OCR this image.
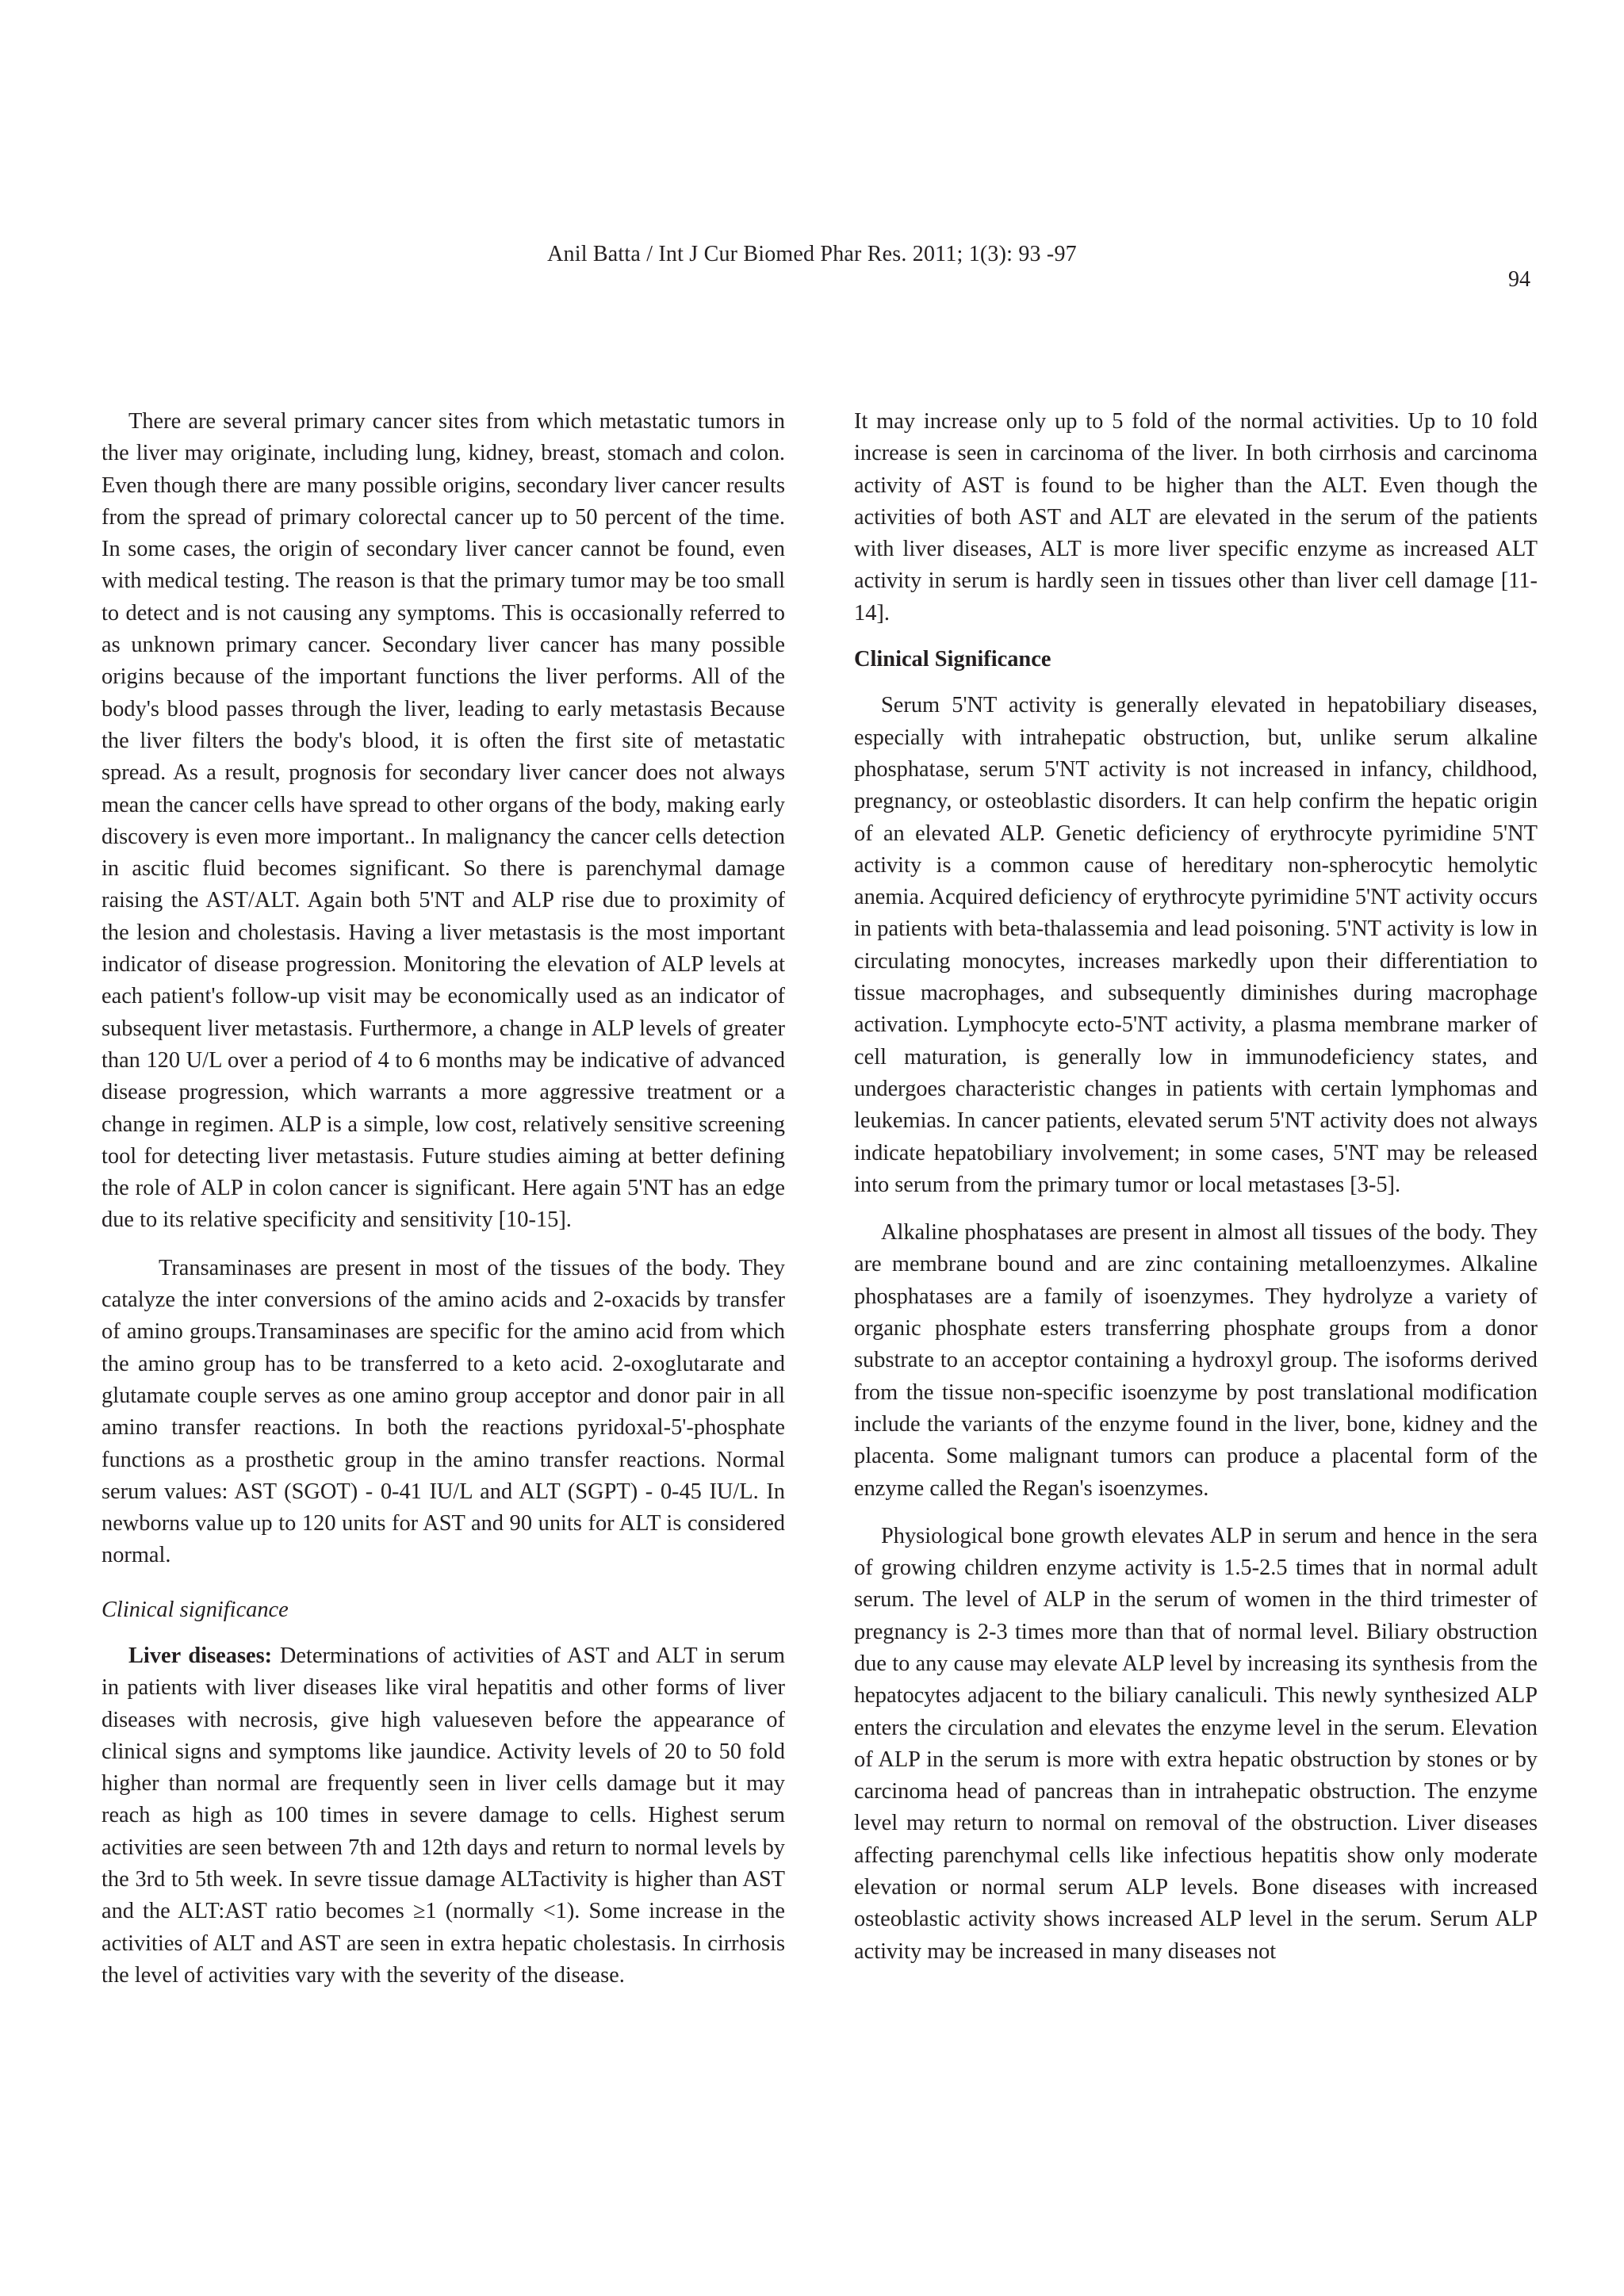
Anil Batta / Int J Cur Biomed Phar Res. 2011; 1(3): 93 -97
94

There are several primary cancer sites from which metastatic tumors in the liver may originate, including lung, kidney, breast, stomach and colon. Even though there are many possible origins, secondary liver cancer results from the spread of primary colorectal cancer up to 50 percent of the time. In some cases, the origin of secondary liver cancer cannot be found, even with medical testing. The reason is that the primary tumor may be too small to detect and is not causing any symptoms. This is occasionally referred to as unknown primary cancer. Secondary liver cancer has many possible origins because of the important functions the liver performs. All of the body's blood passes through the liver, leading to early metastasis Because the liver filters the body's blood, it is often the first site of metastatic spread. As a result, prognosis for secondary liver cancer does not always mean the cancer cells have spread to other organs of the body, making early discovery is even more important.. In malignancy the cancer cells detection in ascitic fluid becomes significant. So there is parenchymal damage raising the AST/ALT. Again both 5'NT and ALP rise due to proximity of the lesion and cholestasis. Having a liver metastasis is the most important indicator of disease progression. Monitoring the elevation of ALP levels at each patient's follow-up visit may be economically used as an indicator of subsequent liver metastasis. Furthermore, a change in ALP levels of greater than 120 U/L over a period of 4 to 6 months may be indicative of advanced disease progression, which warrants a more aggressive treatment or a change in regimen. ALP is a simple, low cost, relatively sensitive screening tool for detecting liver metastasis. Future studies aiming at better defining the role of ALP in colon cancer is significant. Here again 5'NT has an edge due to its relative specificity and sensitivity [10-15].

Transaminases are present in most of the tissues of the body. They catalyze the inter conversions of the amino acids and 2-oxacids by transfer of amino groups.Transaminases are specific for the amino acid from which the amino group has to be transferred to a keto acid. 2-oxoglutarate and glutamate couple serves as one amino group acceptor and donor pair in all amino transfer reactions. In both the reactions pyridoxal-5'-phosphate functions as a prosthetic group in the amino transfer reactions. Normal serum values: AST (SGOT) - 0-41 IU/L and ALT (SGPT) - 0-45 IU/L. In newborns value up to 120 units for AST and 90 units for ALT is considered normal.

Clinical significance

Liver diseases: Determinations of activities of AST and ALT in serum in patients with liver diseases like viral hepatitis and other forms of liver diseases with necrosis, give high valueseven before the appearance of clinical signs and symptoms like jaundice. Activity levels of 20 to 50 fold higher than normal are frequently seen in liver cells damage but it may reach as high as 100 times in severe damage to cells. Highest serum activities are seen between 7th and 12th days and return to normal levels by the 3rd to 5th week. In sevre tissue damage ALTactivity is higher than AST and the ALT:AST ratio becomes ≥1 (normally <1). Some increase in the activities of ALT and AST are seen in extra hepatic cholestasis. In cirrhosis the level of activities vary with the severity of the disease.

It may increase only up to 5 fold of the normal activities. Up to 10 fold increase is seen in carcinoma of the liver. In both cirrhosis and carcinoma activity of AST is found to be higher than the ALT. Even though the activities of both AST and ALT are elevated in the serum of the patients with liver diseases, ALT is more liver specific enzyme as increased ALT activity in serum is hardly seen in tissues other than liver cell damage [11-14].

Clinical Significance

Serum 5'NT activity is generally elevated in hepatobiliary diseases, especially with intrahepatic obstruction, but, unlike serum alkaline phosphatase, serum 5'NT activity is not increased in infancy, childhood, pregnancy, or osteoblastic disorders. It can help confirm the hepatic origin of an elevated ALP. Genetic deficiency of erythrocyte pyrimidine 5'NT activity is a common cause of hereditary non-spherocytic hemolytic anemia. Acquired deficiency of erythrocyte pyrimidine 5'NT activity occurs in patients with beta-thalassemia and lead poisoning. 5'NT activity is low in circulating monocytes, increases markedly upon their differentiation to tissue macrophages, and subsequently diminishes during macrophage activation. Lymphocyte ecto-5'NT activity, a plasma membrane marker of cell maturation, is generally low in immunodeficiency states, and undergoes characteristic changes in patients with certain lymphomas and leukemias. In cancer patients, elevated serum 5'NT activity does not always indicate hepatobiliary involvement; in some cases, 5'NT may be released into serum from the primary tumor or local metastases [3-5].

Alkaline phosphatases are present in almost all tissues of the body. They are membrane bound and are zinc containing metalloenzymes. Alkaline phosphatases are a family of isoenzymes. They hydrolyze a variety of organic phosphate esters transferring phosphate groups from a donor substrate to an acceptor containing a hydroxyl group. The isoforms derived from the tissue non-specific isoenzyme by post translational modification include the variants of the enzyme found in the liver, bone, kidney and the placenta. Some malignant tumors can produce a placental form of the enzyme called the Regan's isoenzymes.

Physiological bone growth elevates ALP in serum and hence in the sera of growing children enzyme activity is 1.5-2.5 times that in normal adult serum. The level of ALP in the serum of women in the third trimester of pregnancy is 2-3 times more than that of normal level. Biliary obstruction due to any cause may elevate ALP level by increasing its synthesis from the hepatocytes adjacent to the biliary canaliculi. This newly synthesized ALP enters the circulation and elevates the enzyme level in the serum. Elevation of ALP in the serum is more with extra hepatic obstruction by stones or by carcinoma head of pancreas than in intrahepatic obstruction. The enzyme level may return to normal on removal of the obstruction. Liver diseases affecting parenchymal cells like infectious hepatitis show only moderate elevation or normal serum ALP levels. Bone diseases with increased osteoblastic activity shows increased ALP level in the serum. Serum ALP activity may be increased in many diseases not
